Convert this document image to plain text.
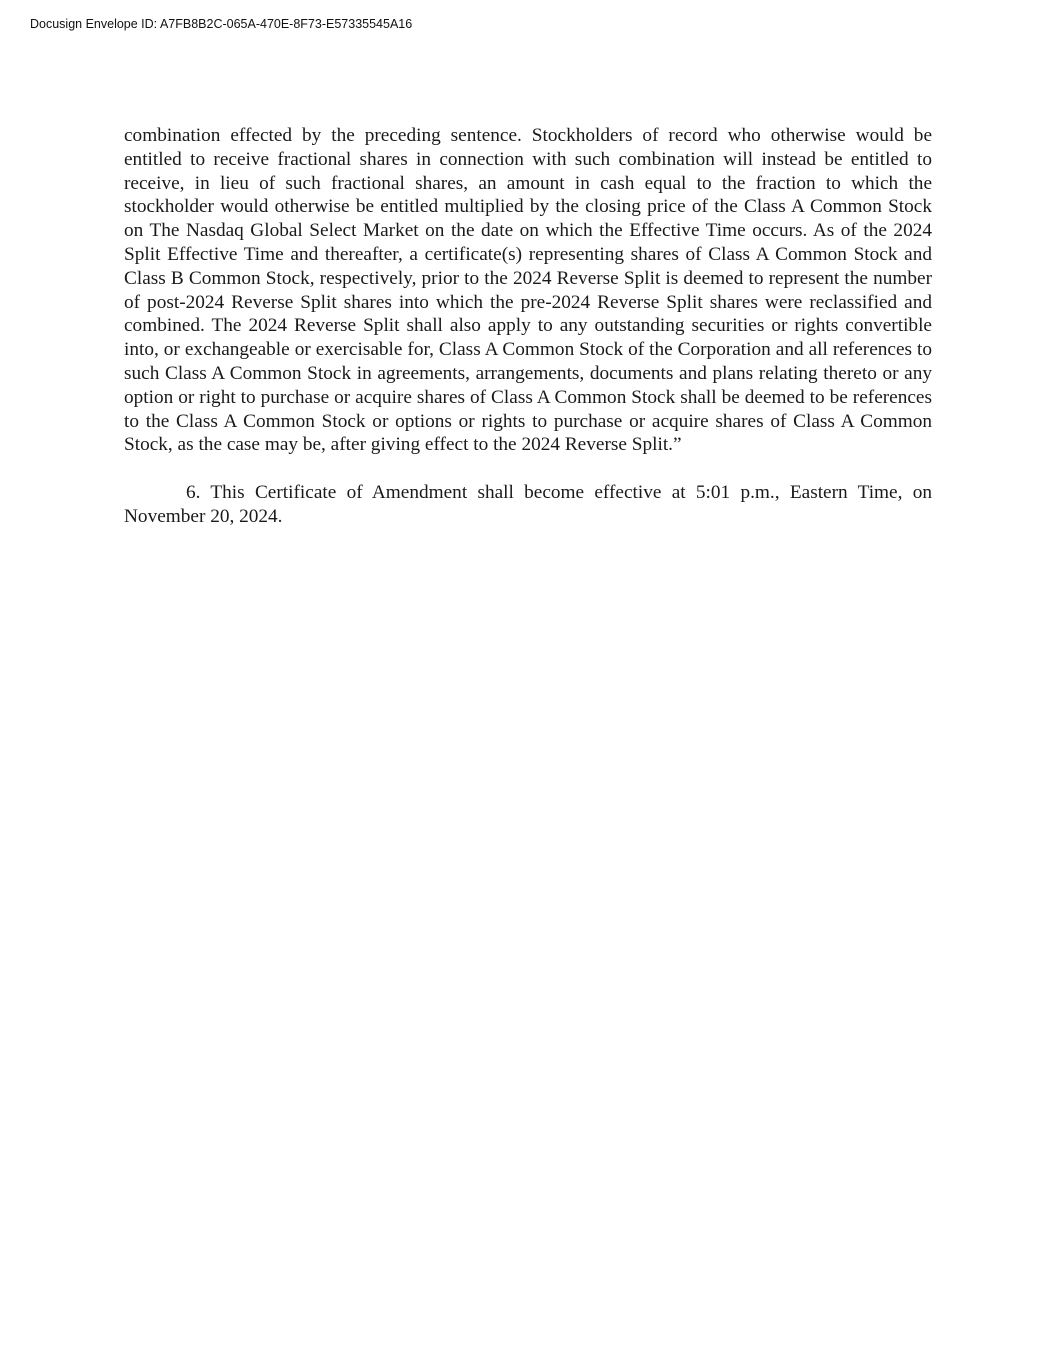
Docusign Envelope ID: A7FB8B2C-065A-470E-8F73-E57335545A16

combination effected by the preceding sentence. Stockholders of record who otherwise would be entitled to receive fractional shares in connection with such combination will instead be entitled to receive, in lieu of such fractional shares, an amount in cash equal to the fraction to which the stockholder would otherwise be entitled multiplied by the closing price of the Class A Common Stock on The Nasdaq Global Select Market on the date on which the Effective Time occurs. As of the 2024 Split Effective Time and thereafter, a certificate(s) representing shares of Class A Common Stock and Class B Common Stock, respectively, prior to the 2024 Reverse Split is deemed to represent the number of post-2024 Reverse Split shares into which the pre-2024 Reverse Split shares were reclassified and combined. The 2024 Reverse Split shall also apply to any outstanding securities or rights convertible into, or exchangeable or exercisable for, Class A Common Stock of the Corporation and all references to such Class A Common Stock in agreements, arrangements, documents and plans relating thereto or any option or right to purchase or acquire shares of Class A Common Stock shall be deemed to be references to the Class A Common Stock or options or rights to purchase or acquire shares of Class A Common Stock, as the case may be, after giving effect to the 2024 Reverse Split.”

6. This Certificate of Amendment shall become effective at 5:01 p.m., Eastern Time, on November 20, 2024.
